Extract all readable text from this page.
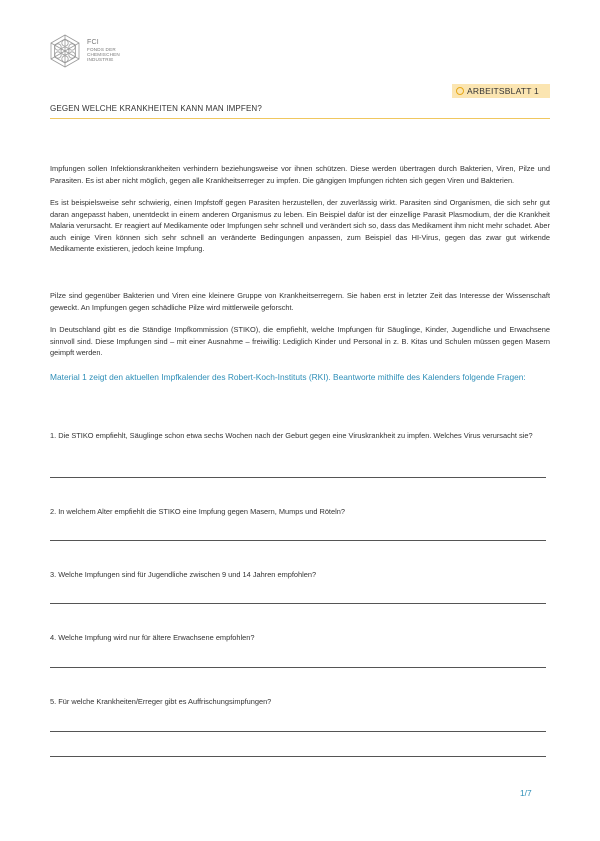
FCI
FONDS DER
CHEMISCHEN
INDUSTRIE
ARBEITSBLATT 1
GEGEN WELCHE KRANKHEITEN KANN MAN IMPFEN?

Impfungen sollen Infektionskrankheiten verhindern beziehungsweise vor ihnen schützen. Diese werden übertragen durch Bakterien, Viren, Pilze und Parasiten. Es ist aber nicht möglich, gegen alle Krankheitserreger zu impfen. Die gängigen Impfungen richten sich gegen Viren und Bakterien.

Es ist beispielsweise sehr schwierig, einen Impfstoff gegen Parasiten herzustellen, der zuverlässig wirkt. Parasiten sind Organismen, die sich sehr gut daran angepasst haben, unentdeckt in einem anderen Organismus zu leben. Ein Beispiel dafür ist der einzellige Parasit Plasmodium, der die Krankheit Malaria verursacht. Er reagiert auf Medikamente oder Impfungen sehr schnell und verändert sich so, dass das Medikament ihm nicht mehr schadet. Aber auch einige Viren können sich sehr schnell an veränderte Bedingungen anpassen, zum Beispiel das HI-Virus, gegen das zwar gut wirkende Medikamente existieren, jedoch keine Impfung.

Pilze sind gegenüber Bakterien und Viren eine kleinere Gruppe von Krankheitserregern. Sie haben erst in letzter Zeit das Interesse der Wissenschaft geweckt. An Impfungen gegen schädliche Pilze wird mittlerweile geforscht.

In Deutschland gibt es die Ständige Impfkommission (STIKO), die empfiehlt, welche Impfungen für Säuglinge, Kinder, Jugendliche und Erwachsene sinnvoll sind. Diese Impfungen sind – mit einer Ausnahme – freiwillig: Lediglich Kinder und Personal in z. B. Kitas und Schulen müssen gegen Masern geimpft werden.

Material 1 zeigt den aktuellen Impfkalender des Robert-Koch-Instituts (RKI). Beantworte mithilfe des Kalenders folgende Fragen:
1. Die STIKO empfiehlt, Säuglinge schon etwa sechs Wochen nach der Geburt gegen eine Viruskrankheit zu impfen. Welches Virus verursacht sie?
2. In welchem Alter empfiehlt die STIKO eine Impfung gegen Masern, Mumps und Röteln?
3. Welche Impfungen sind für Jugendliche zwischen 9 und 14 Jahren empfohlen?
4. Welche Impfung wird nur für ältere Erwachsene empfohlen?
5. Für welche Krankheiten/Erreger gibt es Auffrischungsimpfungen?
1/7
